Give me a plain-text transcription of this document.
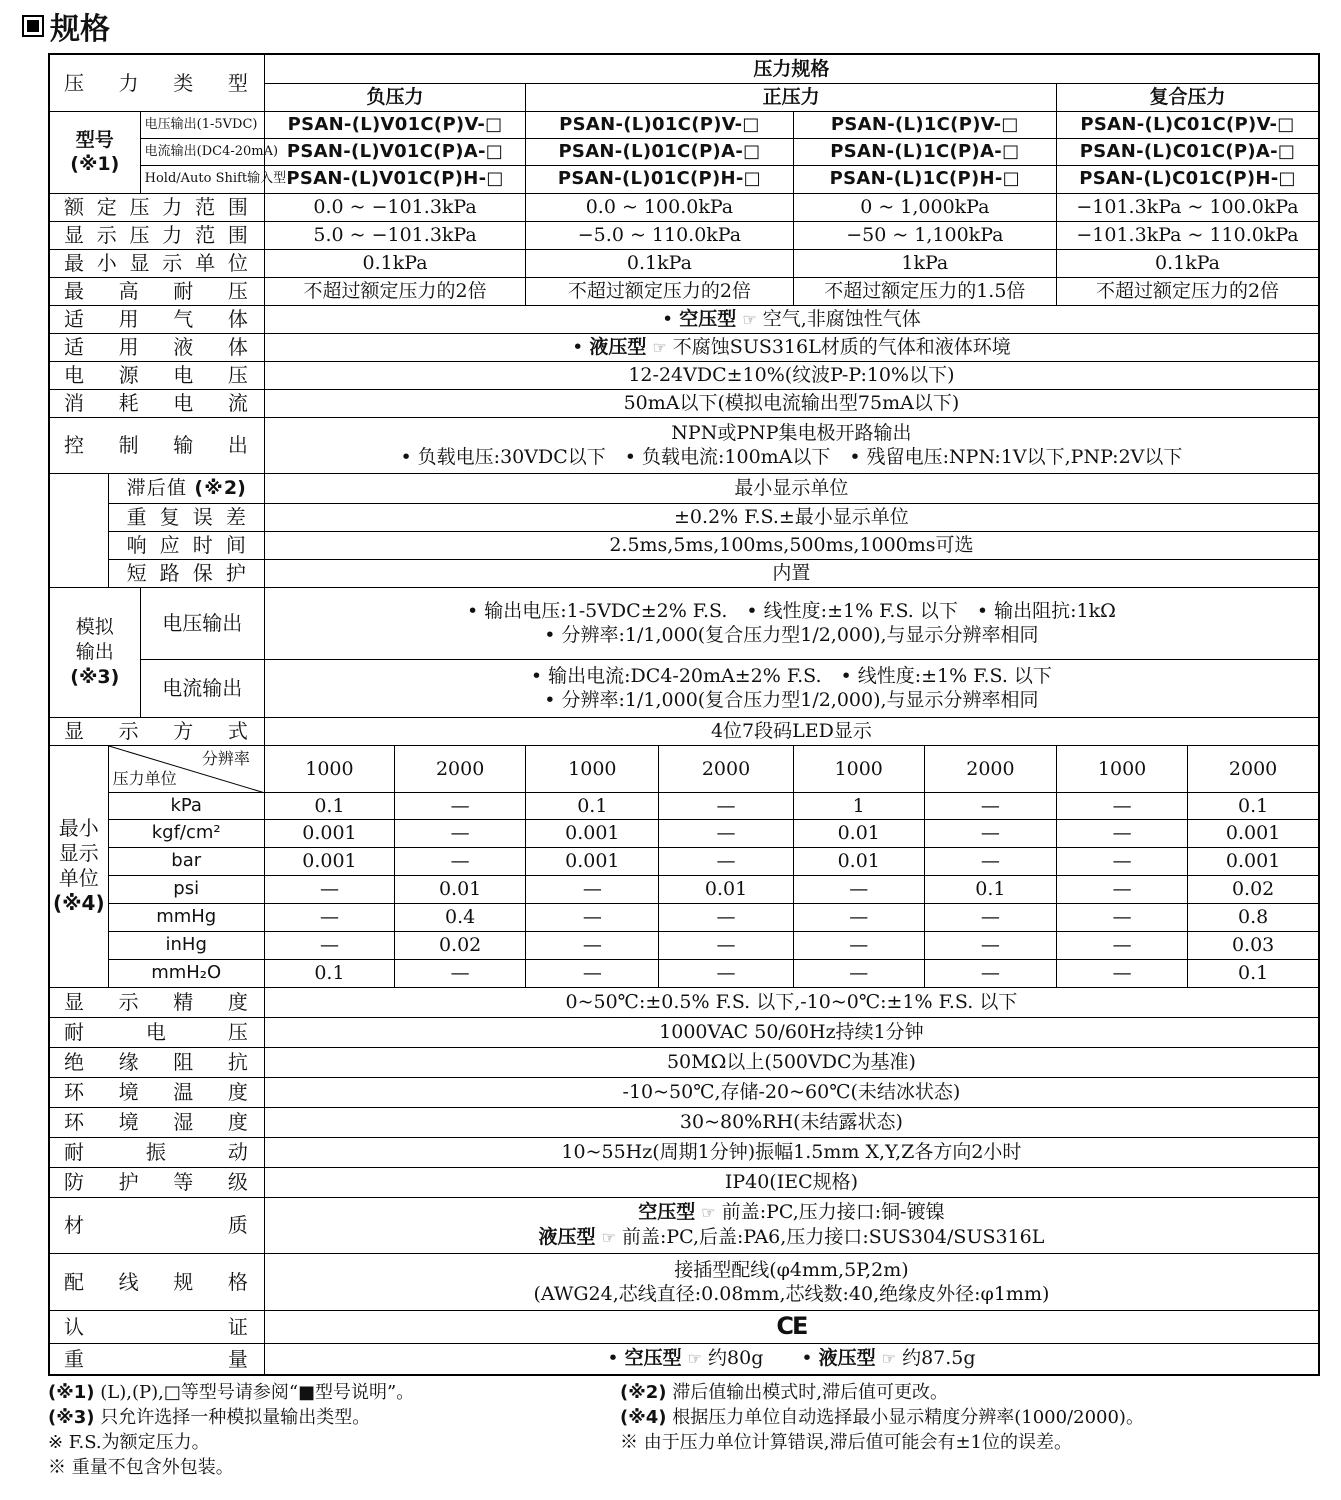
规格
压力类型			压力规格							
			负压力		正压力				复合压力	
型号
(※1)		电压输出(1-5VDC)	PSAN-(L)V01C(P)V-□		PSAN-(L)01C(P)V-□		PSAN-(L)1C(P)V-□		PSAN-(L)C01C(P)V-□	
		电流输出(DC4-20mA)	PSAN-(L)V01C(P)A-□		PSAN-(L)01C(P)A-□		PSAN-(L)1C(P)A-□		PSAN-(L)C01C(P)A-□	
		Hold/Auto Shift输入型	PSAN-(L)V01C(P)H-□		PSAN-(L)01C(P)H-□		PSAN-(L)1C(P)H-□		PSAN-(L)C01C(P)H-□	
额定压力范围			0.0 ~ −101.3kPa		0.0 ~ 100.0kPa		0 ~ 1,000kPa		−101.3kPa ~ 100.0kPa	
显示压力范围			5.0 ~ −101.3kPa		−5.0 ~ 110.0kPa		−50 ~ 1,100kPa		−101.3kPa ~ 110.0kPa	
最小显示单位			0.1kPa		0.1kPa		1kPa		0.1kPa	
最高耐压			不超过额定压力的2倍		不超过额定压力的2倍		不超过额定压力的1.5倍		不超过额定压力的2倍	
适用气体			• 空压型 ☞ 空气,非腐蚀性气体							
适用液体			• 液压型 ☞ 不腐蚀SUS316L材质的气体和液体环境							
电源电压			12-24VDC±10%(纹波P-P:10%以下)							
消耗电流			50mA以下(模拟电流输出型75mA以下)							
控制输出			NPN或PNP集电极开路输出
• 负载电压:30VDC以下　• 负载电流:100mA以下　• 残留电压:NPN:1V以下,PNP:2V以下							
	滞后值 (※2)		最小显示单位							
	重复误差		±0.2% F.S.±最小显示单位							
	响应时间		2.5ms,5ms,100ms,500ms,1000ms可选							
	短路保护		内置							
模拟
输出
(※3)		电压输出	• 输出电压:1-5VDC±2% F.S.　• 线性度:±1% F.S. 以下　• 输出阻抗:1kΩ
• 分辨率:1/1,000(复合压力型1/2,000),与显示分辨率相同							
		电流输出	• 输出电流:DC4-20mA±2% F.S.　• 线性度:±1% F.S. 以下
• 分辨率:1/1,000(复合压力型1/2,000),与显示分辨率相同							
显示方式			4位7段码LED显示							
最小
显示
单位
(※4)	分辨率
压力单位		1000	2000	1000	2000	1000	2000	1000	2000
	kPa		0.1	—	0.1	—	1	—	—	0.1
	kgf/cm²		0.001	—	0.001	—	0.01	—	—	0.001
	bar		0.001	—	0.001	—	0.01	—	—	0.001
	psi		—	0.01	—	0.01	—	0.1	—	0.02
	mmHg		—	0.4	—	—	—	—	—	0.8
	inHg		—	0.02	—	—	—	—	—	0.03
	mmH₂O		0.1	—	—	—	—	—	—	0.1
显示精度			0~50℃:±0.5% F.S. 以下,-10~0℃:±1% F.S. 以下							
耐电压			1000VAC 50/60Hz持续1分钟							
绝缘阻抗			50MΩ以上(500VDC为基准)							
环境温度			-10~50℃,存储-20~60℃(未结冰状态)							
环境湿度			30~80%RH(未结露状态)							
耐振动			10~55Hz(周期1分钟)振幅1.5mm X,Y,Z各方向2小时							
防护等级			IP40(IEC规格)							
材质			空压型 ☞ 前盖:PC,压力接口:铜-镀镍
液压型 ☞ 前盖:PC,后盖:PA6,压力接口:SUS304/SUS316L							
配线规格			接插型配线(φ4mm,5P,2m)
(AWG24,芯线直径:0.08mm,芯线数:40,绝缘皮外径:φ1mm)							
认证			CE							
重量			• 空压型 ☞ 约80g　　• 液压型 ☞ 约87.5g							
(※1) (L),(P),□等型号请参阅“■型号说明”。	(※2) 滞后值输出模式时,滞后值可更改。
(※3) 只允许选择一种模拟量输出类型。	(※4) 根据压力单位自动选择最小显示精度分辨率(1000/2000)。
※ F.S.为额定压力。	※ 由于压力单位计算错误,滞后值可能会有±1位的误差。
※ 重量不包含外包装。
